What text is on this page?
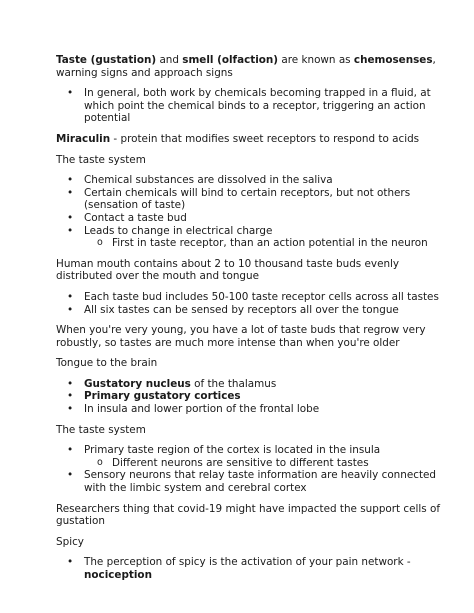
Taste (gustation) and smell (olfaction) are known as chemosenses, warning signs and approach signs

• In general, both work by chemicals becoming trapped in a fluid, at which point the chemical binds to a receptor, triggering an action potential

Miraculin - protein that modifies sweet receptors to respond to acids

The taste system

• Chemical substances are dissolved in the saliva
• Certain chemicals will bind to certain receptors, but not others (sensation of taste)
• Contact a taste bud
• Leads to change in electrical charge
o First in taste receptor, than an action potential in the neuron

Human mouth contains about 2 to 10 thousand taste buds evenly distributed over the mouth and tongue

• Each taste bud includes 50-100 taste receptor cells across all tastes
• All six tastes can be sensed by receptors all over the tongue

When you're very young, you have a lot of taste buds that regrow very robustly, so tastes are much more intense than when you're older

Tongue to the brain

• Gustatory nucleus of the thalamus
• Primary gustatory cortices
• In insula and lower portion of the frontal lobe

The taste system

• Primary taste region of the cortex is located in the insula
o Different neurons are sensitive to different tastes
• Sensory neurons that relay taste information are heavily connected with the limbic system and cerebral cortex

Researchers thing that covid-19 might have impacted the support cells of gustation

Spicy

• The perception of spicy is the activation of your pain network - nociception
